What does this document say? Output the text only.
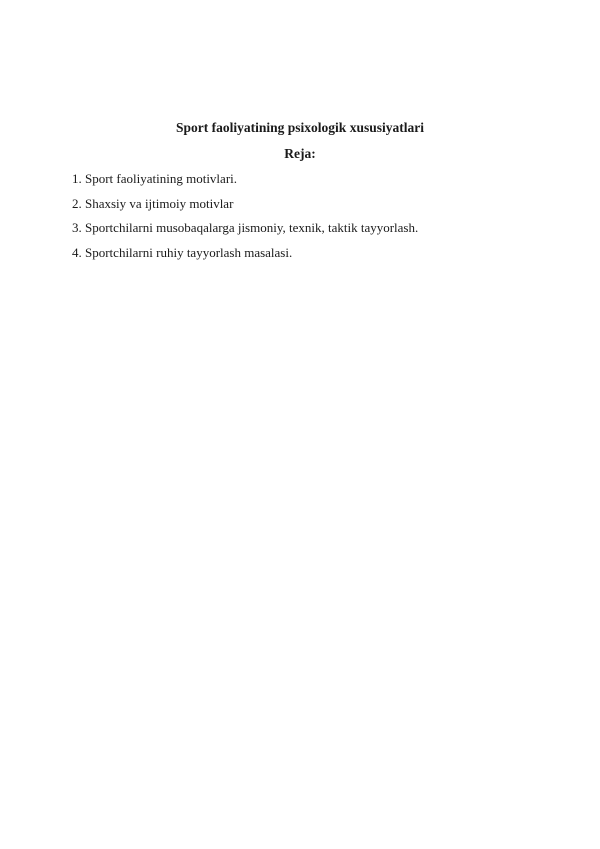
Sport faoliyatining psixologik xususiyatlari
Reja:
1. Sport faoliyatining motivlari.
2. Shaxsiy va ijtimoiy motivlar
3. Sportchilarni musobaqalarga jismoniy, texnik, taktik tayyorlash.
4. Sportchilarni ruhiy tayyorlash masalasi.
